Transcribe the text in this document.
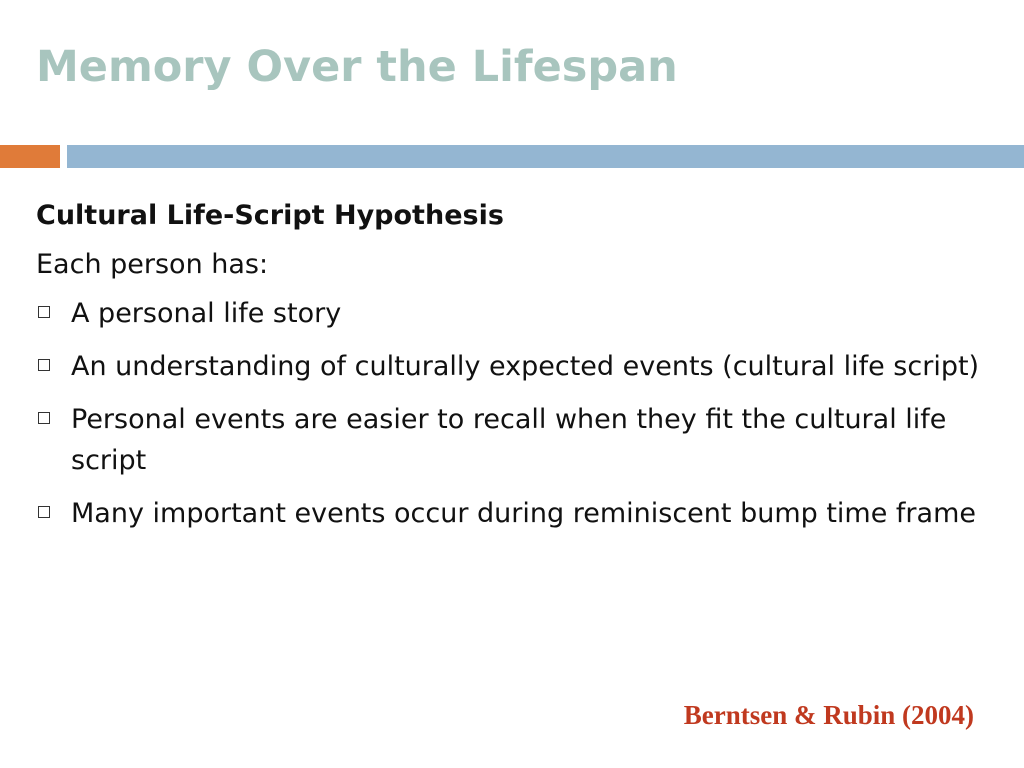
Memory Over the Lifespan
Cultural Life-Script Hypothesis
Each person has:
A personal life story
An understanding of culturally expected events (cultural life script)
Personal events are easier to recall when they fit the cultural life script
Many important events occur during reminiscent bump time frame
Berntsen & Rubin (2004)
